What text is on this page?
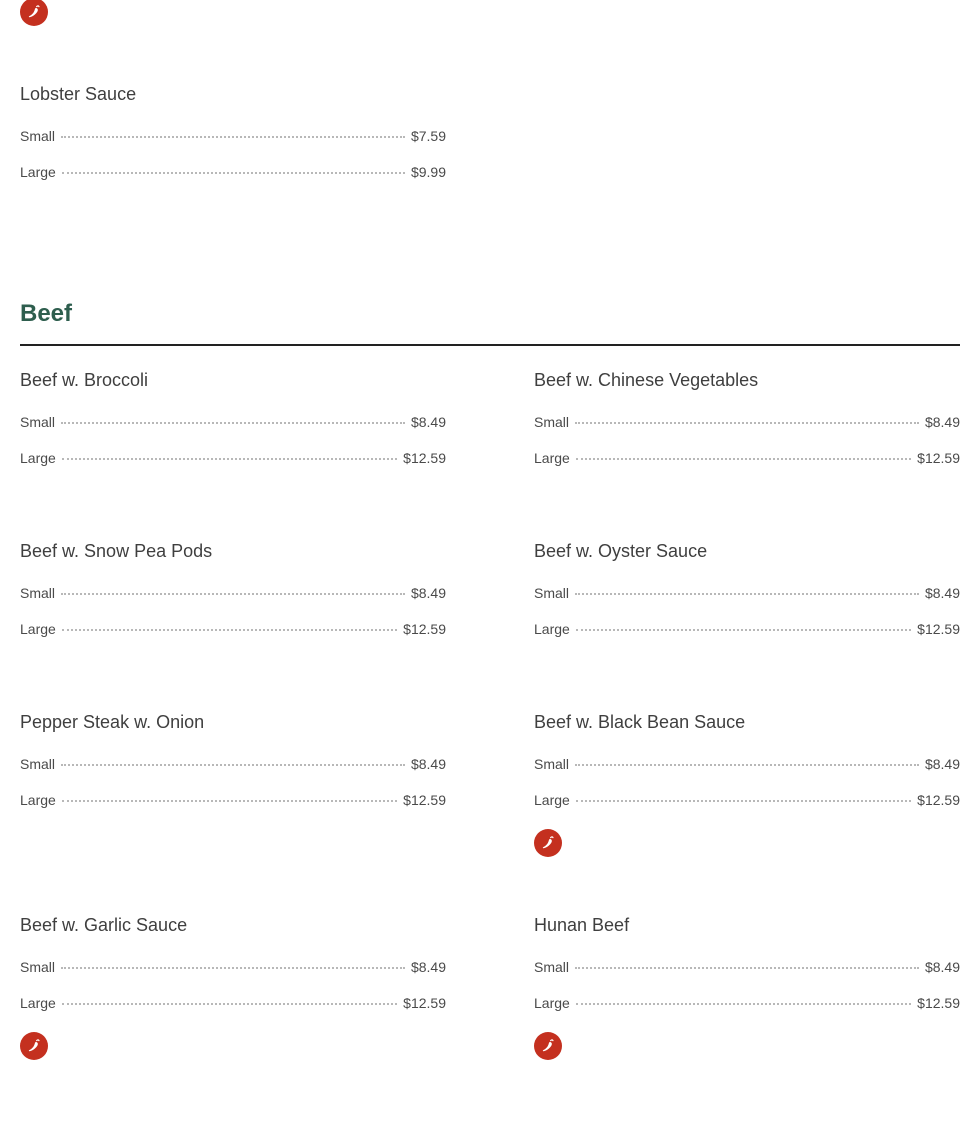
Lobster Sauce
Small	$7.59
Large	$9.99
Beef
Beef w. Broccoli
Small	$8.49
Large	$12.59
Beef w. Chinese Vegetables
Small	$8.49
Large	$12.59
Beef w. Snow Pea Pods
Small	$8.49
Large	$12.59
Beef w. Oyster Sauce
Small	$8.49
Large	$12.59
Pepper Steak w. Onion
Small	$8.49
Large	$12.59
Beef w. Black Bean Sauce
Small	$8.49
Large	$12.59
Beef w. Garlic Sauce
Small	$8.49
Large	$12.59
Hunan Beef
Small	$8.49
Large	$12.59
